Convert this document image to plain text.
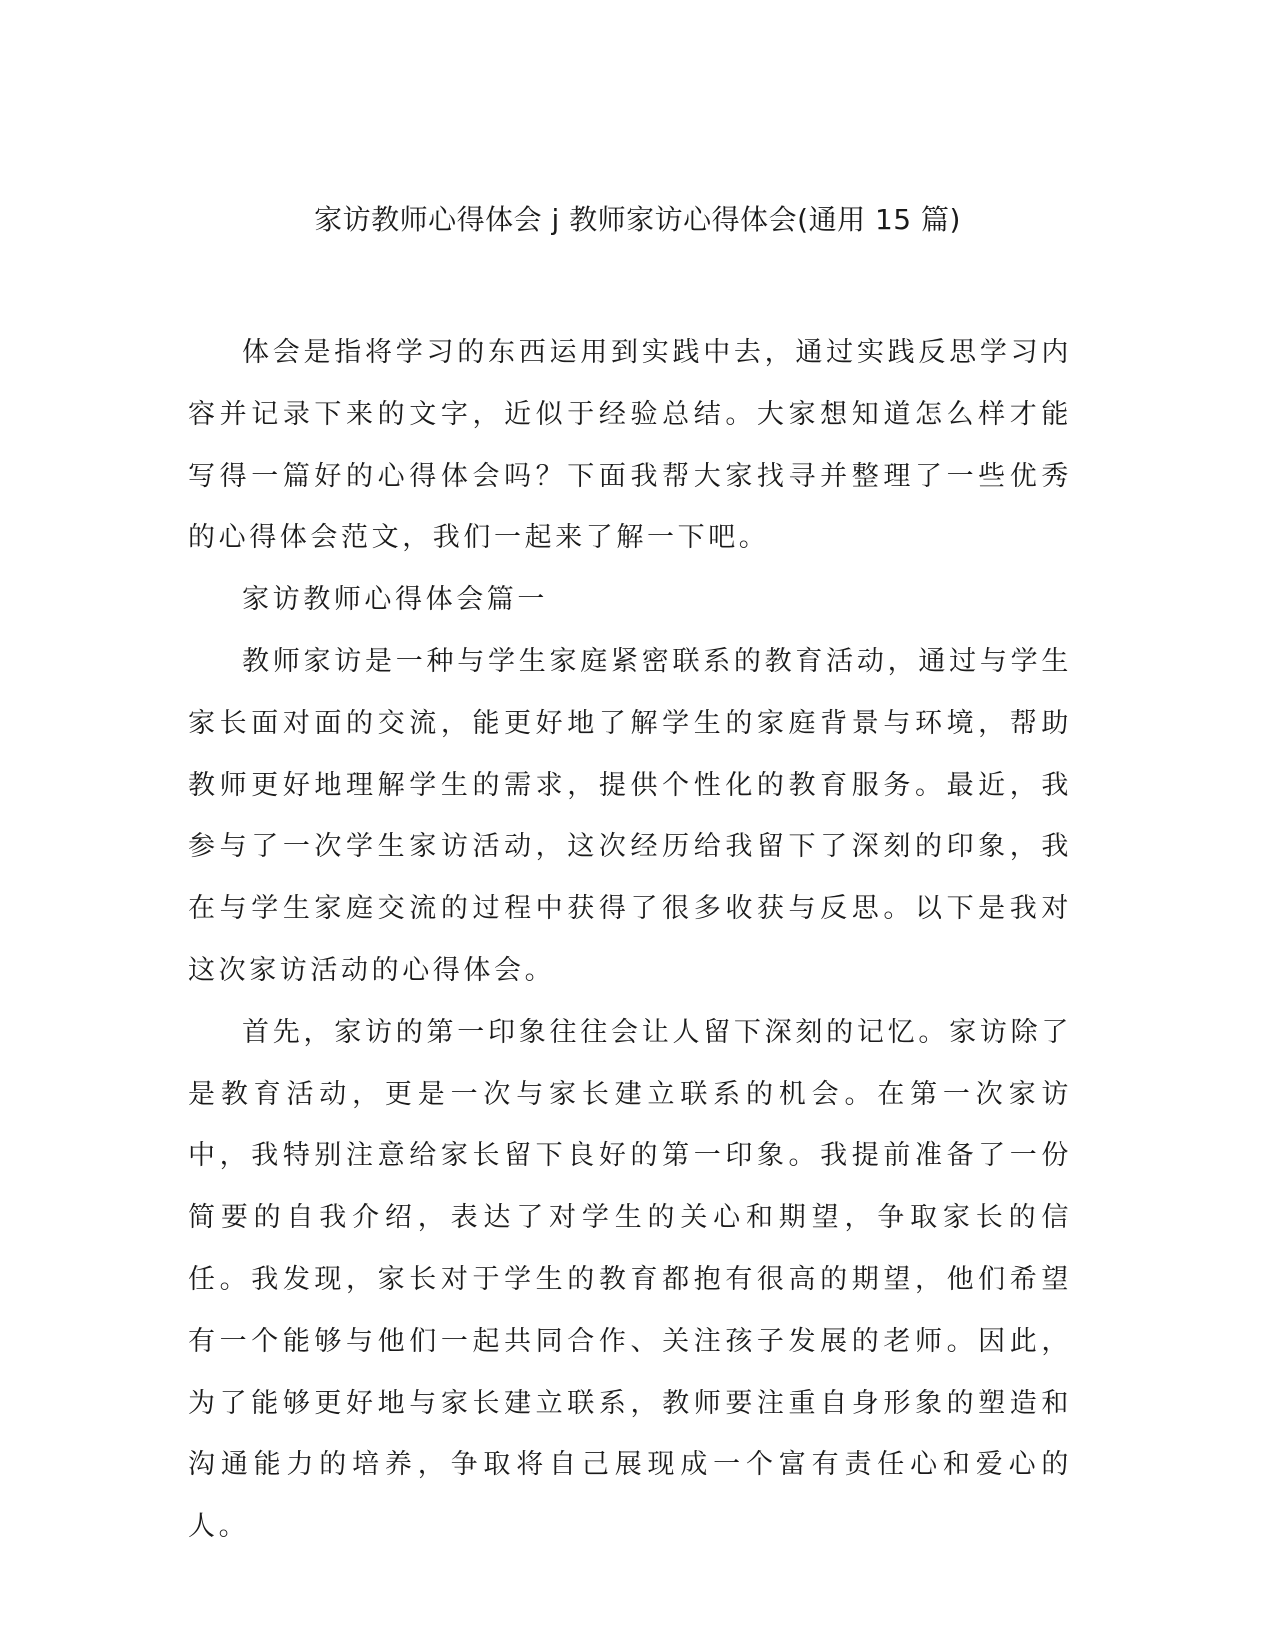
家访教师心得体会 j 教师家访心得体会(通用 15 篇)

体会是指将学习的东西运用到实践中去，通过实践反思学习内容并记录下来的文字，近似于经验总结。大家想知道怎么样才能写得一篇好的心得体会吗？下面我帮大家找寻并整理了一些优秀的心得体会范文，我们一起来了解一下吧。

家访教师心得体会篇一

教师家访是一种与学生家庭紧密联系的教育活动，通过与学生家长面对面的交流，能更好地了解学生的家庭背景与环境，帮助教师更好地理解学生的需求，提供个性化的教育服务。最近，我参与了一次学生家访活动，这次经历给我留下了深刻的印象，我在与学生家庭交流的过程中获得了很多收获与反思。以下是我对这次家访活动的心得体会。

首先，家访的第一印象往往会让人留下深刻的记忆。家访除了是教育活动，更是一次与家长建立联系的机会。在第一次家访中，我特别注意给家长留下良好的第一印象。我提前准备了一份简要的自我介绍，表达了对学生的关心和期望，争取家长的信任。我发现，家长对于学生的教育都抱有很高的期望，他们希望有一个能够与他们一起共同合作、关注孩子发展的老师。因此，为了能够更好地与家长建立联系，教师要注重自身形象的塑造和沟通能力的培养，争取将自己展现成一个富有责任心和爱心的人。
